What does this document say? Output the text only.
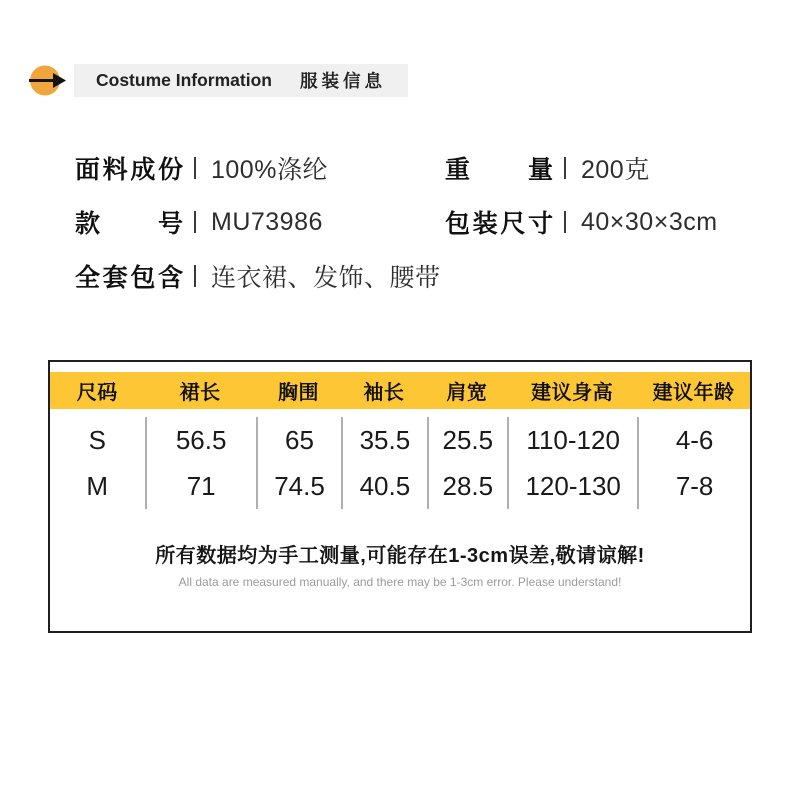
Costume Information 服装信息
面料成份 100%涤纶	重 量 200克
款 号 MU73986	包装尺寸 40×30×3cm
全套包含 连衣裙、发饰、腰带
尺码	裙长	胸围	袖长	肩宽	建议身高	建议年龄
S	56.5	65	35.5	25.5	110-120	4-6
M	71	74.5	40.5	28.5	120-130	7-8
所有数据均为手工测量,可能存在1-3cm误差,敬请谅解!
All data are measured manually, and there may be 1-3cm error. Please understand!
